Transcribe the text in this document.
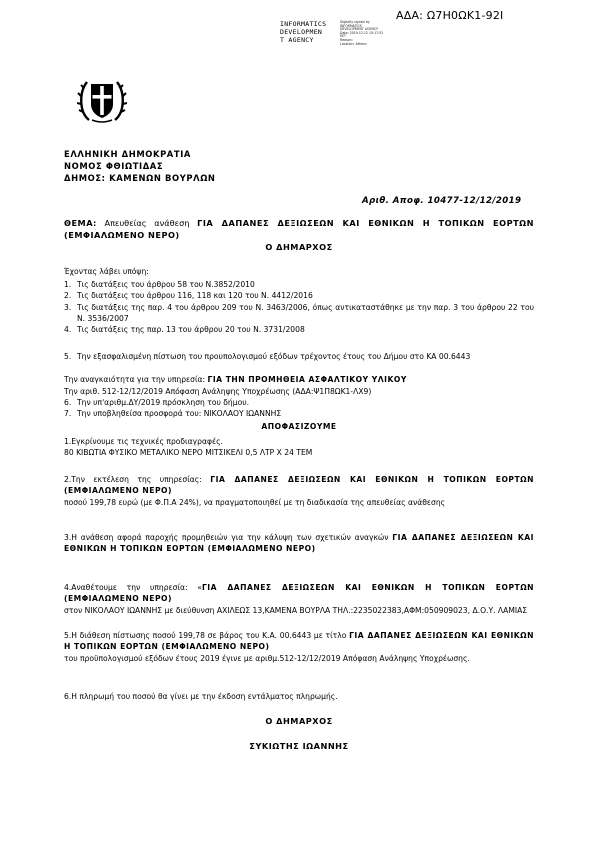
ΑΔΑ: Ω7Η0ΩΚ1-92Ι
INFORMATICS
DEVELOPMEN
T AGENCY
Digitally signed by
INFORMATICS
DEVELOPMENT AGENCY
Date: 2019.12.12 15:17:52
EET
Reason:
Location: Athens
ΕΛΛΗΝΙΚΗ ΔΗΜΟΚΡΑΤΙΑ
ΝΟΜΟΣ ΦΘΙΩΤΙΔΑΣ
ΔΗΜΟΣ: ΚΑΜΕΝΩΝ ΒΟΥΡΛΩΝ
Αριθ. Αποφ. 10477-12/12/2019
ΘΕΜΑ: Απευθείας ανάθεση ΓΙΑ ΔΑΠΑΝΕΣ ΔΕΞΙΩΣΕΩΝ ΚΑΙ ΕΘΝΙΚΩΝ Η ΤΟΠΙΚΩΝ ΕΟΡΤΩΝ (ΕΜΦΙΑΛΩΜΕΝΟ ΝΕΡΟ)
Ο ΔΗΜΑΡΧΟΣ
Έχοντας λάβει υπόψη:
1. Τις διατάξεις του άρθρου 58 του Ν.3852/2010
2. Τις διατάξεις του άρθρου 116, 118 και 120 του Ν. 4412/2016
3. Τις διατάξεις της παρ. 4 του άρθρου 209 του Ν. 3463/2006, όπως αντικαταστάθηκε με την παρ. 3 του άρθρου 22 του Ν. 3536/2007
4. Τις διατάξεις της παρ. 13 του άρθρου 20 του Ν. 3731/2008
5. Την εξασφαλισμένη πίστωση του προυπολογισμού εξόδων τρέχοντος έτους του Δήμου στο ΚΑ 00.6443
Την αναγκαιότητα για την υπηρεσία: ΓΙΑ ΤΗΝ ΠΡΟΜΗΘΕΙΑ ΑΣΦΑΛΤΙΚΟΥ ΥΛΙΚΟΥ
Την αριθ. 512-12/12/2019 Απόφαση Ανάληψης Υποχρέωσης (ΑΔΑ:Ψ1Π8ΩΚ1-ΛΧ9)
6. Την υπ'αριθμ.ΔΥ/2019 πρόσκληση του δήμου.
7. Την υποβληθείσα προσφορά του: ΝΙΚΟΛΑΟΥ ΙΩΑΝΝΗΣ
ΑΠΟΦΑΣΙΖΟΥΜΕ
1.Εγκρίνουμε τις τεχνικές προδιαγραφές.
80 ΚΙΒΩΤΙΑ ΦΥΣΙΚΟ ΜΕΤΑΛΙΚΟ ΝΕΡΟ ΜΙΤΣΙΚΕΛΙ 0,5 ΛΤΡ Χ 24 ΤΕΜ
2.Την εκτέλεση της υπηρεσίας: ΓΙΑ ΔΑΠΑΝΕΣ ΔΕΞΙΩΣΕΩΝ ΚΑΙ ΕΘΝΙΚΩΝ Η ΤΟΠΙΚΩΝ ΕΟΡΤΩΝ (ΕΜΦΙΑΛΩΜΕΝΟ ΝΕΡΟ)
ποσού 199,78 ευρώ (με Φ.Π.Α 24%), να πραγματοποιηθεί με τη διαδικασία της απευθείας ανάθεσης
3.Η ανάθεση αφορά παροχής προμηθειών για την κάλυψη των σχετικών αναγκών ΓΙΑ ΔΑΠΑΝΕΣ ΔΕΞΙΩΣΕΩΝ ΚΑΙ ΕΘΝΙΚΩΝ Η ΤΟΠΙΚΩΝ ΕΟΡΤΩΝ (ΕΜΦΙΑΛΩΜΕΝΟ ΝΕΡΟ)
4.Αναθέτουμε την υπηρεσία: «ΓΙΑ ΔΑΠΑΝΕΣ ΔΕΞΙΩΣΕΩΝ ΚΑΙ ΕΘΝΙΚΩΝ Η ΤΟΠΙΚΩΝ ΕΟΡΤΩΝ (ΕΜΦΙΑΛΩΜΕΝΟ ΝΕΡΟ)
στον ΝΙΚΟΛΑΟΥ ΙΩΑΝΝΗΣ με διεύθυνση ΑΧΙΛΕΩΣ 13,ΚΑΜΕΝΑ ΒΟΥΡΛΑ ΤΗΛ.:2235022383,ΑΦΜ:050909023, Δ.Ο.Υ. ΛΑΜΙΑΣ
5.Η διάθεση πίστωσης ποσού 199,78 σε βάρος του Κ.Α. 00.6443 με τίτλο ΓΙΑ ΔΑΠΑΝΕΣ ΔΕΞΙΩΣΕΩΝ ΚΑΙ ΕΘΝΙΚΩΝ Η ΤΟΠΙΚΩΝ ΕΟΡΤΩΝ (ΕΜΦΙΑΛΩΜΕΝΟ ΝΕΡΟ)
του προϋπολογισμού εξόδων έτους 2019 έγινε με αριθμ.512-12/12/2019 Απόφαση Ανάληψης Υποχρέωσης.
6.Η πληρωμή του ποσού θα γίνει με την έκδοση εντάλματος πληρωμής.
Ο ΔΗΜΑΡΧΟΣ
ΣΥΚΙΩΤΗΣ ΙΩΑΝΝΗΣ
